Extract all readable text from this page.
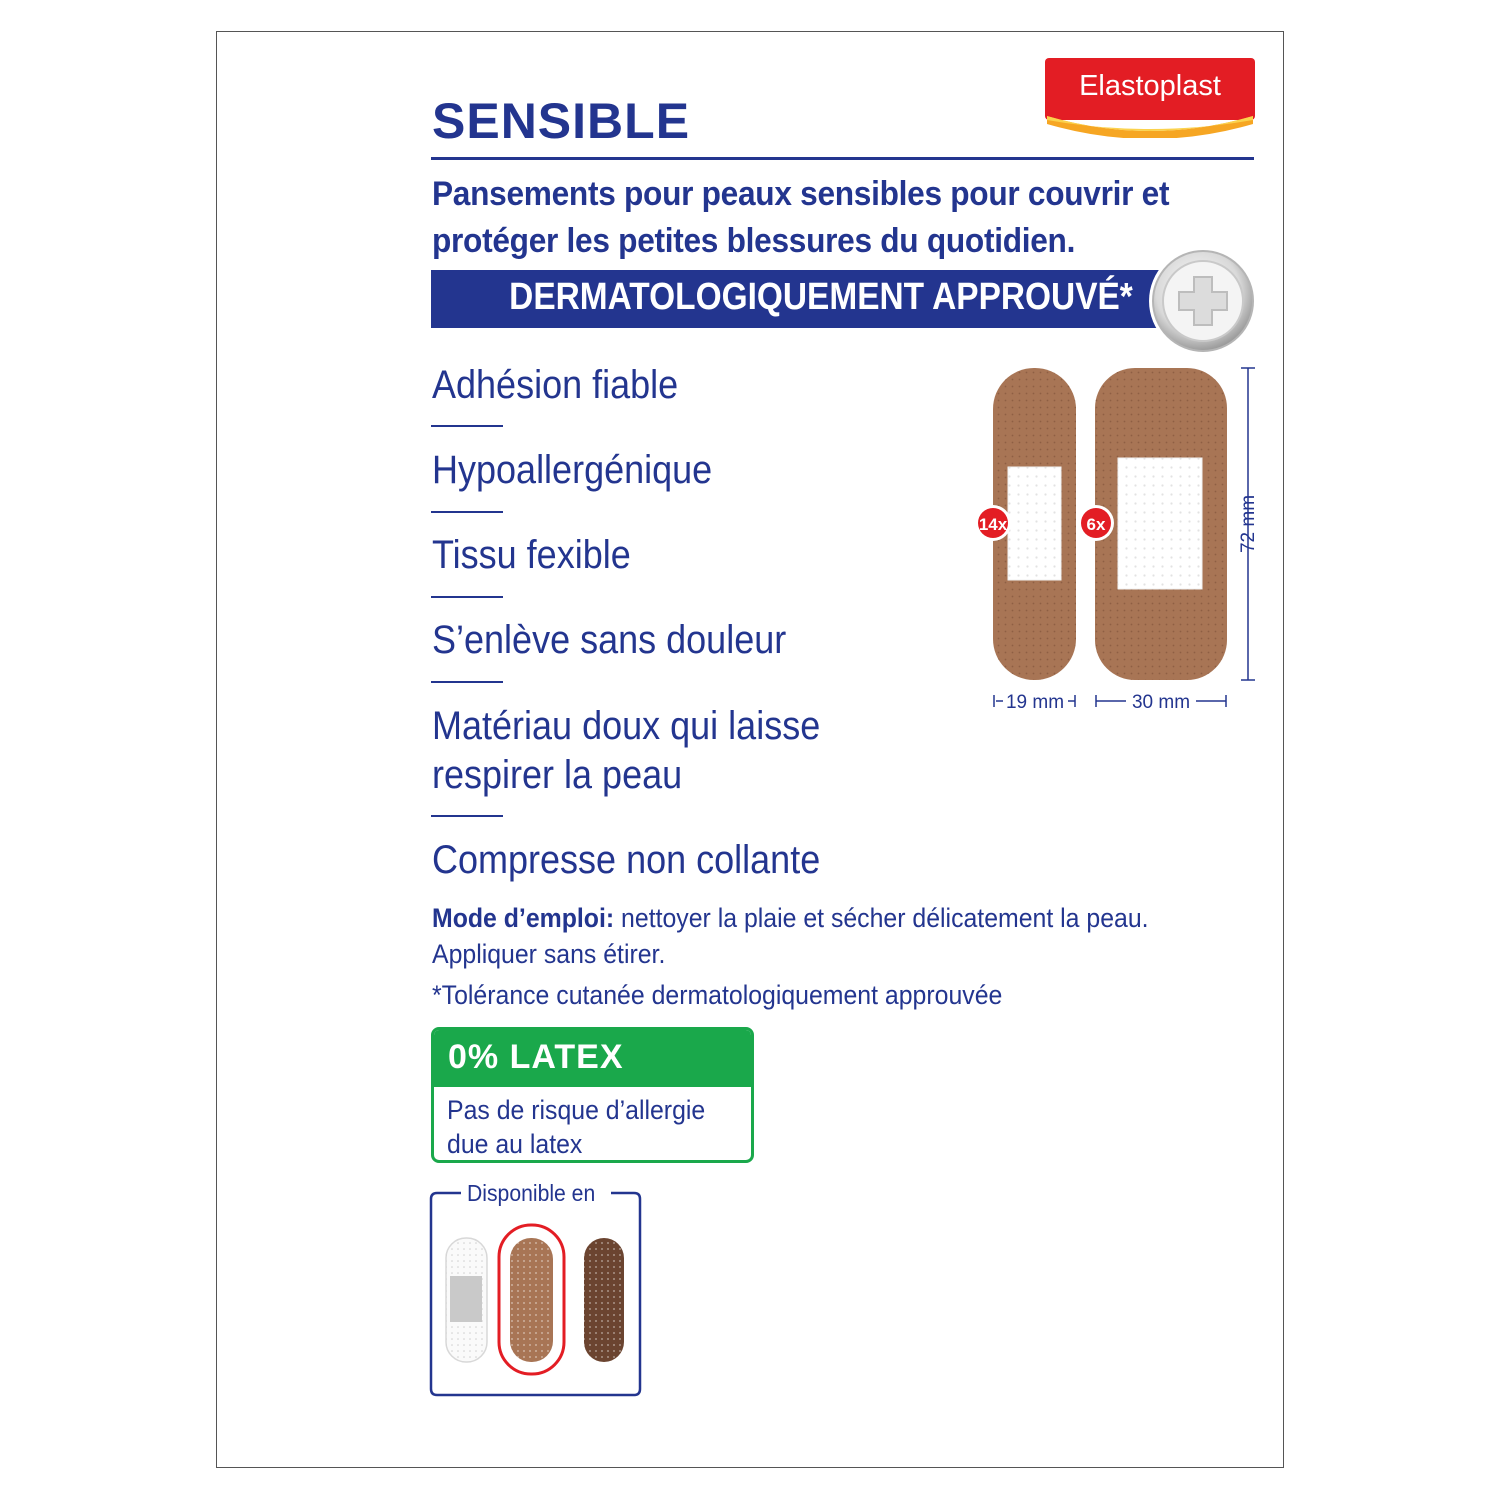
Elastoplast
SENSIBLE
Pansements pour peaux sensibles pour couvrir et protéger les petites blessures du quotidien.
DERMATOLOGIQUEMENT APPROUVÉ*
Adhésion fiable
Hypoallergénique
Tissu fexible
S’enlève sans douleur
Matériau doux qui laisse
respirer la peau
Compresse non collante
14x	6x
19 mm	30 mm
72 mm
Mode d’emploi: nettoyer la plaie et sécher délicatement la peau. Appliquer sans étirer.
*Tolérance cutanée dermatologiquement approuvée
0% LATEX
Pas de risque d’allergie due au latex
Disponible en
